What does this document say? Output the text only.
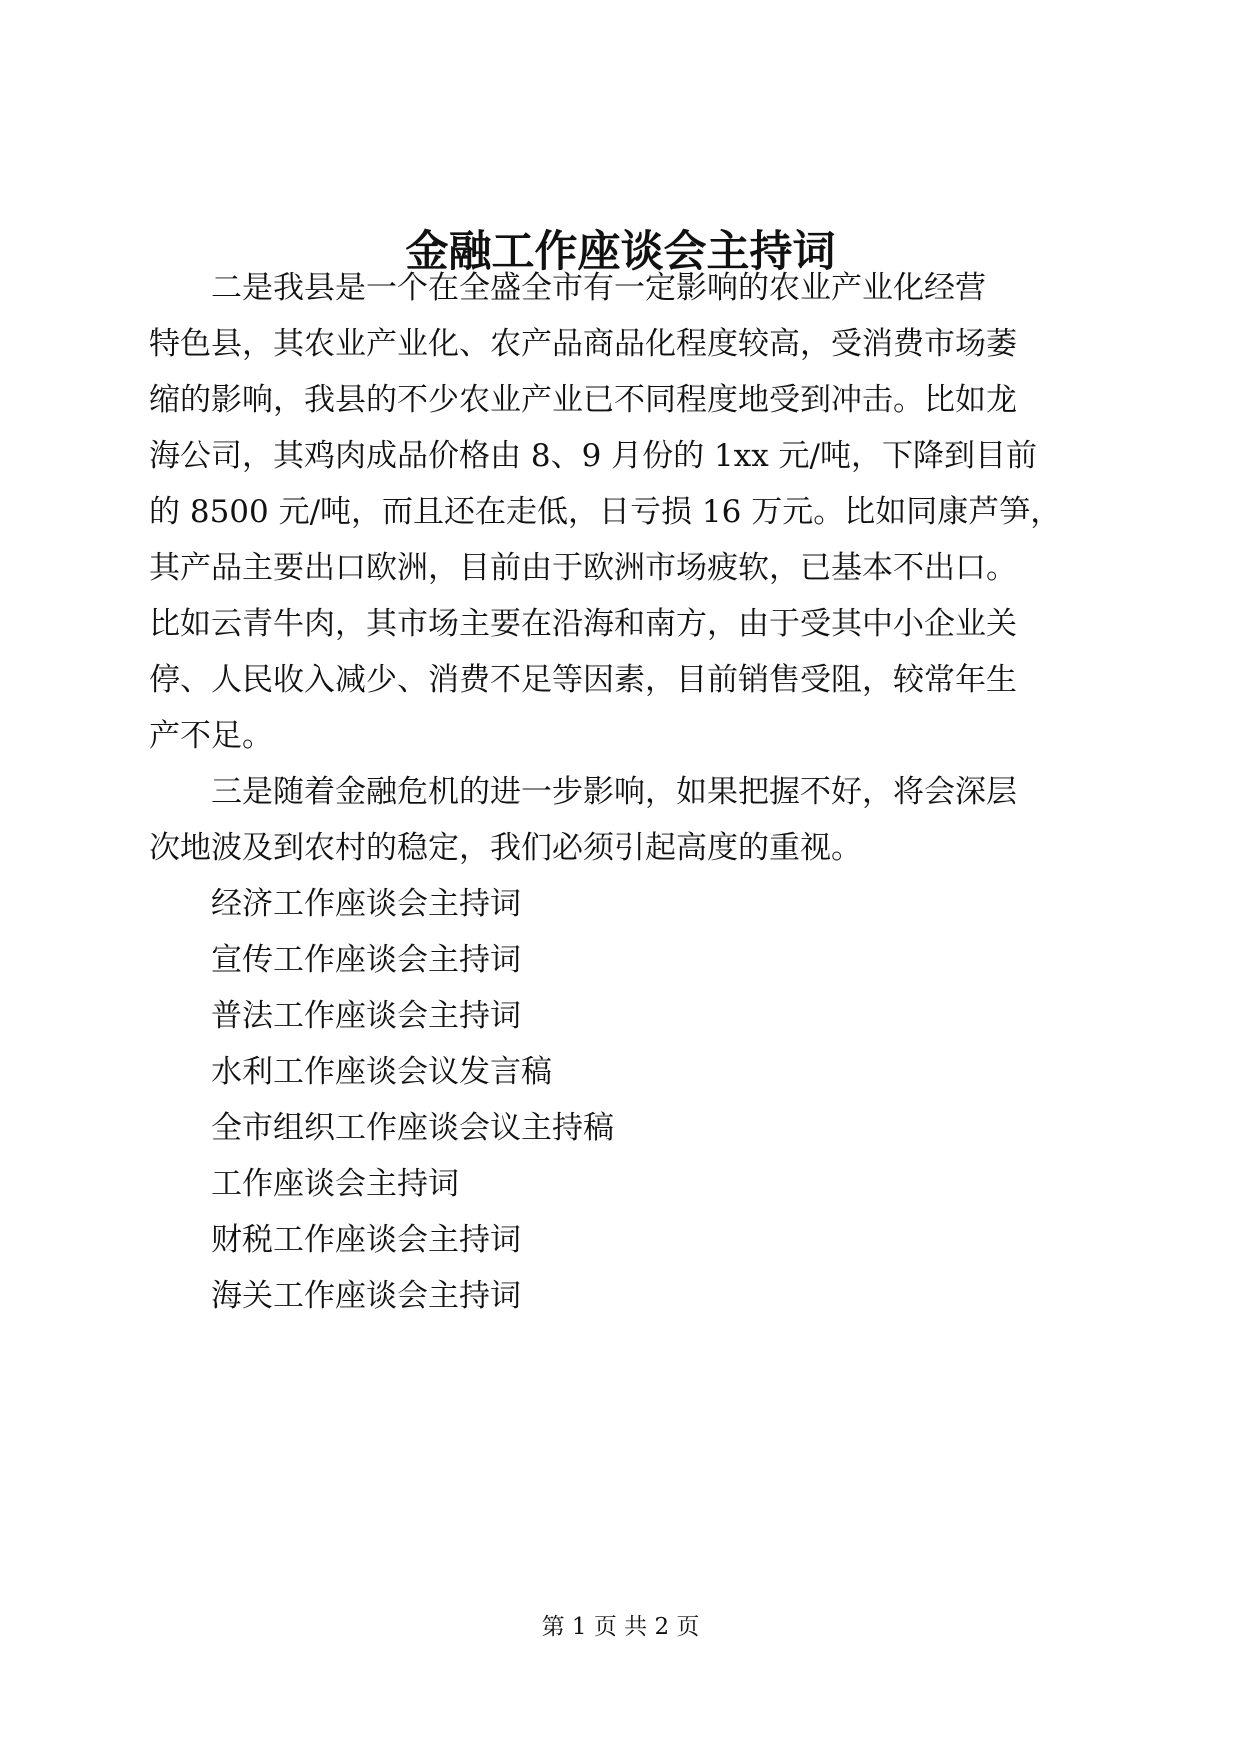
金融工作座谈会主持词
二是我县是一个在全盛全市有一定影响的农业产业化经营
特色县，其农业产业化、农产品商品化程度较高，受消费市场萎
缩的影响，我县的不少农业产业已不同程度地受到冲击。比如龙
海公司，其鸡肉成品价格由 8、9 月份的 1xx 元/吨，下降到目前
的 8500 元/吨，而且还在走低，日亏损 16 万元。比如同康芦笋，
其产品主要出口欧洲，目前由于欧洲市场疲软，已基本不出口。
比如云青牛肉，其市场主要在沿海和南方，由于受其中小企业关
停、人民收入减少、消费不足等因素，目前销售受阻，较常年生
产不足。
三是随着金融危机的进一步影响，如果把握不好，将会深层
次地波及到农村的稳定，我们必须引起高度的重视。
经济工作座谈会主持词
宣传工作座谈会主持词
普法工作座谈会主持词
水利工作座谈会议发言稿
全市组织工作座谈会议主持稿
工作座谈会主持词
财税工作座谈会主持词
海关工作座谈会主持词
第 1 页 共 2 页
